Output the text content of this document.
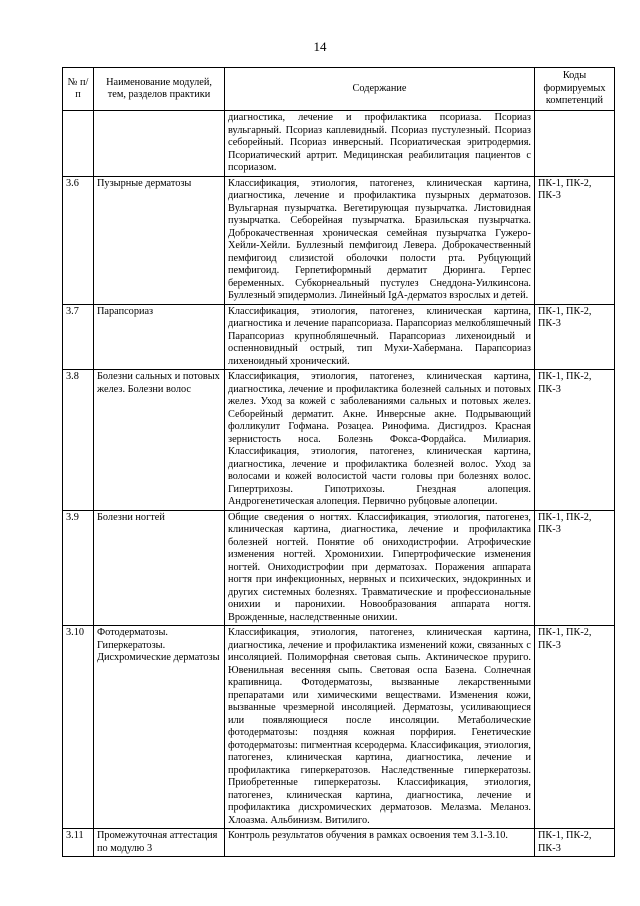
14
№ п/п	Наименование модулей, тем, разделов практики	Содержание	Коды формируемых компетенций
		диагностика, лечение и профилактика псориаза. Псориаз вульгарный. Псориаз каплевидный. Псориаз пустулезный. Псориаз себорейный. Псориаз инверсный. Псориатическая эритродермия. Псориатический артрит. Медицинская реабилитация пациентов с псориазом.	
3.6	Пузырные дерматозы	Классификация, этиология, патогенез, клиническая картина, диагностика, лечение и профилактика пузырных дерматозов. Вульгарная пузырчатка. Вегетирующая пузырчатка. Листовидная пузырчатка. Себорейная пузырчатка. Бразильская пузырчатка. Доброкачественная хроническая семейная пузырчатка Гужеро-Хейли-Хейли. Буллезный пемфигоид Левера. Доброкачественный пемфигоид слизистой оболочки полости рта. Рубцующий пемфигоид. Герпетиформный дерматит Дюринга. Герпес беременных. Субкорнеальный пустулез Снеддона-Уилкинсона. Буллезный эпидермолиз. Линейный IgA-дерматоз взрослых и детей.	ПК-1, ПК-2, ПК-3
3.7	Парапсориаз	Классификация, этиология, патогенез, клиническая картина, диагностика и лечение парапсориаза. Парапсориаз мелкобляшечный Парапсориаз крупнобляшечный. Парапсориаз лихеноидный и оспенновидный острый, тип Мухи-Хабермана. Парапсориаз лихеноидный хронический.	ПК-1, ПК-2, ПК-3
3.8	Болезни сальных и потовых желез. Болезни волос	Классификация, этиология, патогенез, клиническая картина, диагностика, лечение и профилактика болезней сальных и потовых желез. Уход за кожей с заболеваниями сальных и потовых желез. Себорейный дерматит. Акне. Инверсные акне. Подрывающий фолликулит Гофмана. Розацеа. Ринофима. Дисгидроз. Красная зернистость носа. Болезнь Фокса-Фордайса. Милиария. Классификация, этиология, патогенез, клиническая картина, диагностика, лечение и профилактика болезней волос. Уход за волосами и кожей волосистой части головы при болезнях волос. Гипертрихозы. Гипотрихозы. Гнездная алопеция. Андрогенетическая алопеция. Первично рубцовые алопеции.	ПК-1, ПК-2, ПК-3
3.9	Болезни ногтей	Общие сведения о ногтях. Классификация, этиология, патогенез, клиническая картина, диагностика, лечение и профилактика болезней ногтей. Понятие об ониходистрофии. Атрофические изменения ногтей. Хромонихии. Гипертрофические изменения ногтей. Ониходистрофии при дерматозах. Поражения аппарата ногтя при инфекционных, нервных и психических, эндокринных и других системных болезнях. Травматические и профессиональные онихии и паронихии. Новообразования аппарата ногтя. Врожденные, наследственные онихии.	ПК-1, ПК-2, ПК-3
3.10	Фотодерматозы. Гиперкератозы. Дисхромические дерматозы	Классификация, этиология, патогенез, клиническая картина, диагностика, лечение и профилактика изменений кожи, связанных с инсоляцией. Полиморфная световая сыпь. Актиническое пруриго. Ювенильная весенняя сыпь. Световая оспа Базена. Солнечная крапивница. Фотодерматозы, вызванные лекарственными препаратами или химическими веществами. Изменения кожи, вызванные чрезмерной инсоляцией. Дерматозы, усиливающиеся или появляющиеся после инсоляции. Метаболические фотодерматозы: поздняя кожная порфирия. Генетические фотодерматозы: пигментная ксеродерма. Классификация, этиология, патогенез, клиническая картина, диагностика, лечение и профилактика гиперкератозов. Наследственные гиперкератозы. Приобретенные гиперкератозы. Классификация, этиология, патогенез, клиническая картина, диагностика, лечение и профилактика дисхромических дерматозов. Мелазма. Меланоз. Хлоазма. Альбинизм. Витилиго.	ПК-1, ПК-2, ПК-3
3.11	Промежуточная аттестация по модулю 3	Контроль результатов обучения в рамках освоения тем 3.1-3.10.	ПК-1, ПК-2, ПК-3
